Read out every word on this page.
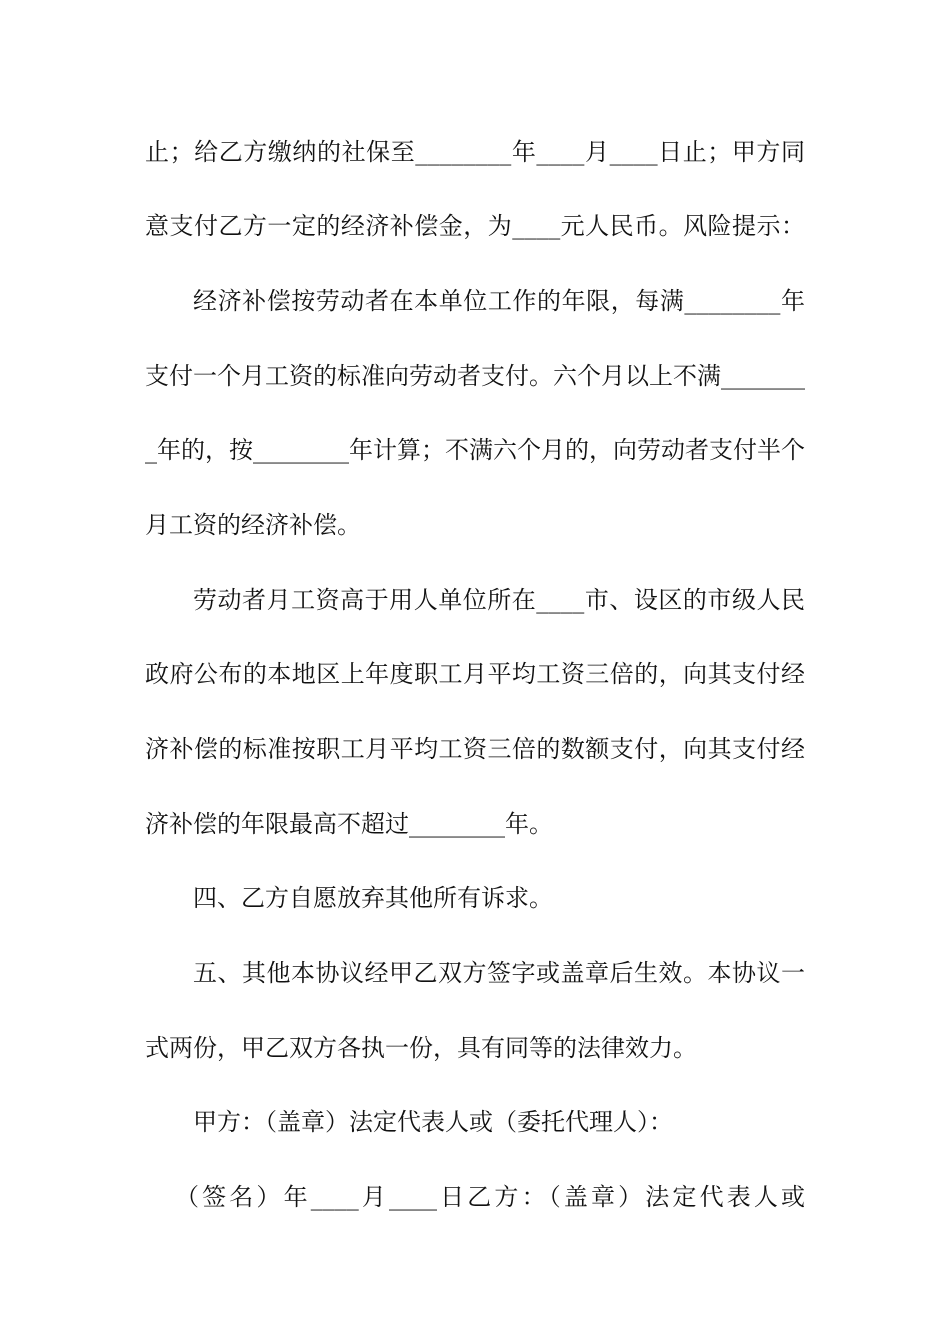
止；给乙方缴纳的社保至________年____月____日止；甲方同
意支付乙方一定的经济补偿金，为____元人民币。风险提示：
经济补偿按劳动者在本单位工作的年限，每满________年
支付一个月工资的标准向劳动者支付。六个月以上不满_______
_年的，按________年计算；不满六个月的，向劳动者支付半个
月工资的经济补偿。
劳动者月工资高于用人单位所在____市、设区的市级人民
政府公布的本地区上年度职工月平均工资三倍的，向其支付经
济补偿的标准按职工月平均工资三倍的数额支付，向其支付经
济补偿的年限最高不超过________年。
四、乙方自愿放弃其他所有诉求。
五、其他本协议经甲乙双方签字或盖章后生效。本协议一
式两份，甲乙双方各执一份，具有同等的法律效力。
甲方：（盖章）法定代表人或（委托代理人）：
（签名）年____月____日乙方：（盖章）法定代表人或
